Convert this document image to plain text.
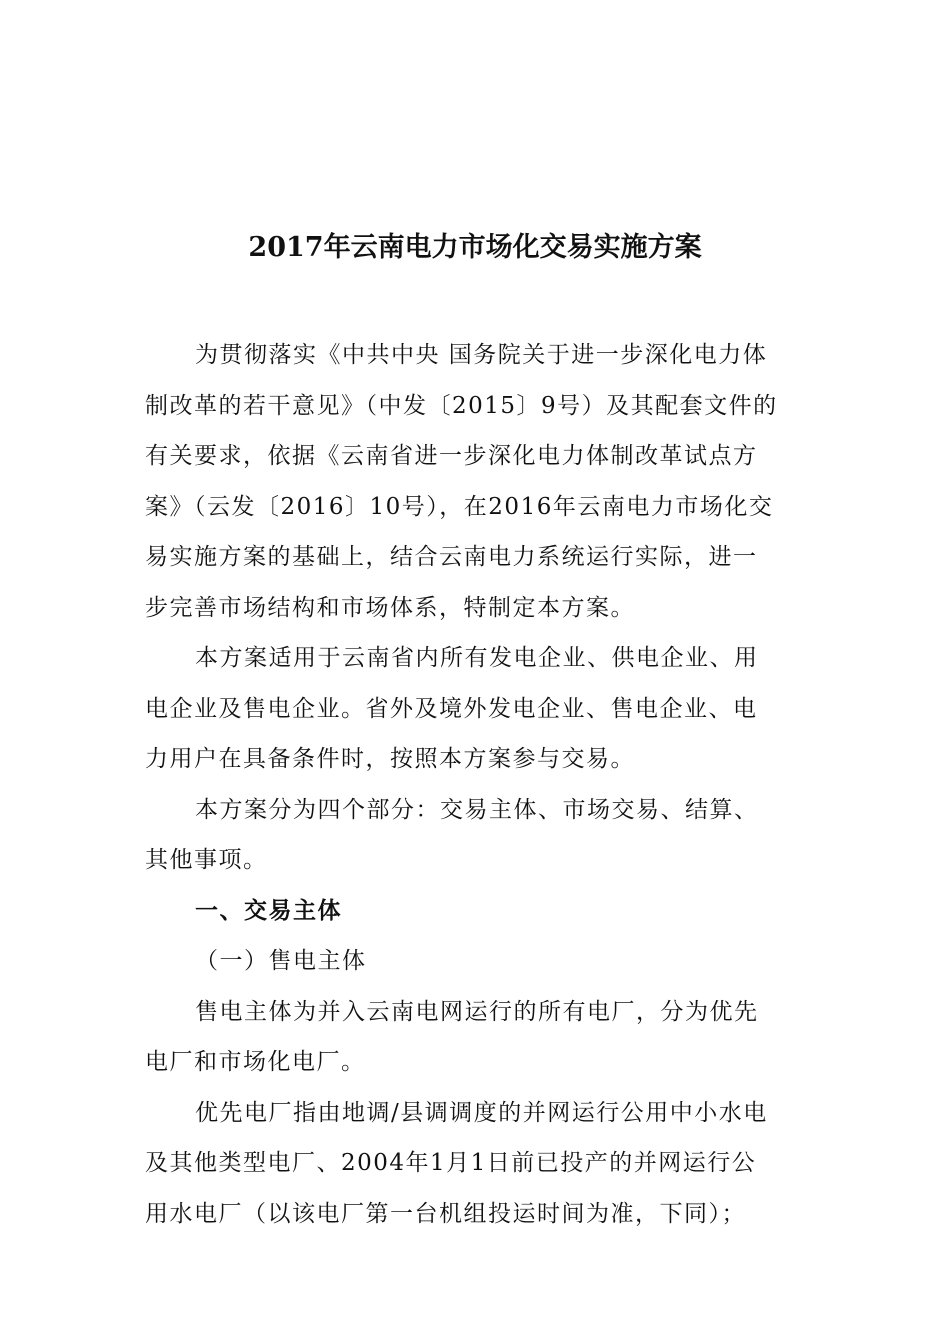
2017年云南电力市场化交易实施方案
为贯彻落实《中共中央 国务院关于进一步深化电力体
制改革的若干意见》（中发〔2015〕9号）及其配套文件的
有关要求，依据《云南省进一步深化电力体制改革试点方
案》（云发〔2016〕10号），在2016年云南电力市场化交
易实施方案的基础上，结合云南电力系统运行实际，进一
步完善市场结构和市场体系，特制定本方案。
本方案适用于云南省内所有发电企业、供电企业、用
电企业及售电企业。省外及境外发电企业、售电企业、电
力用户在具备条件时，按照本方案参与交易。
本方案分为四个部分：交易主体、市场交易、结算、
其他事项。
一、交易主体
（一）售电主体
售电主体为并入云南电网运行的所有电厂，分为优先
电厂和市场化电厂。
优先电厂指由地调/县调调度的并网运行公用中小水电
及其他类型电厂、2004年1月1日前已投产的并网运行公
用水电厂（以该电厂第一台机组投运时间为准，下同）；
